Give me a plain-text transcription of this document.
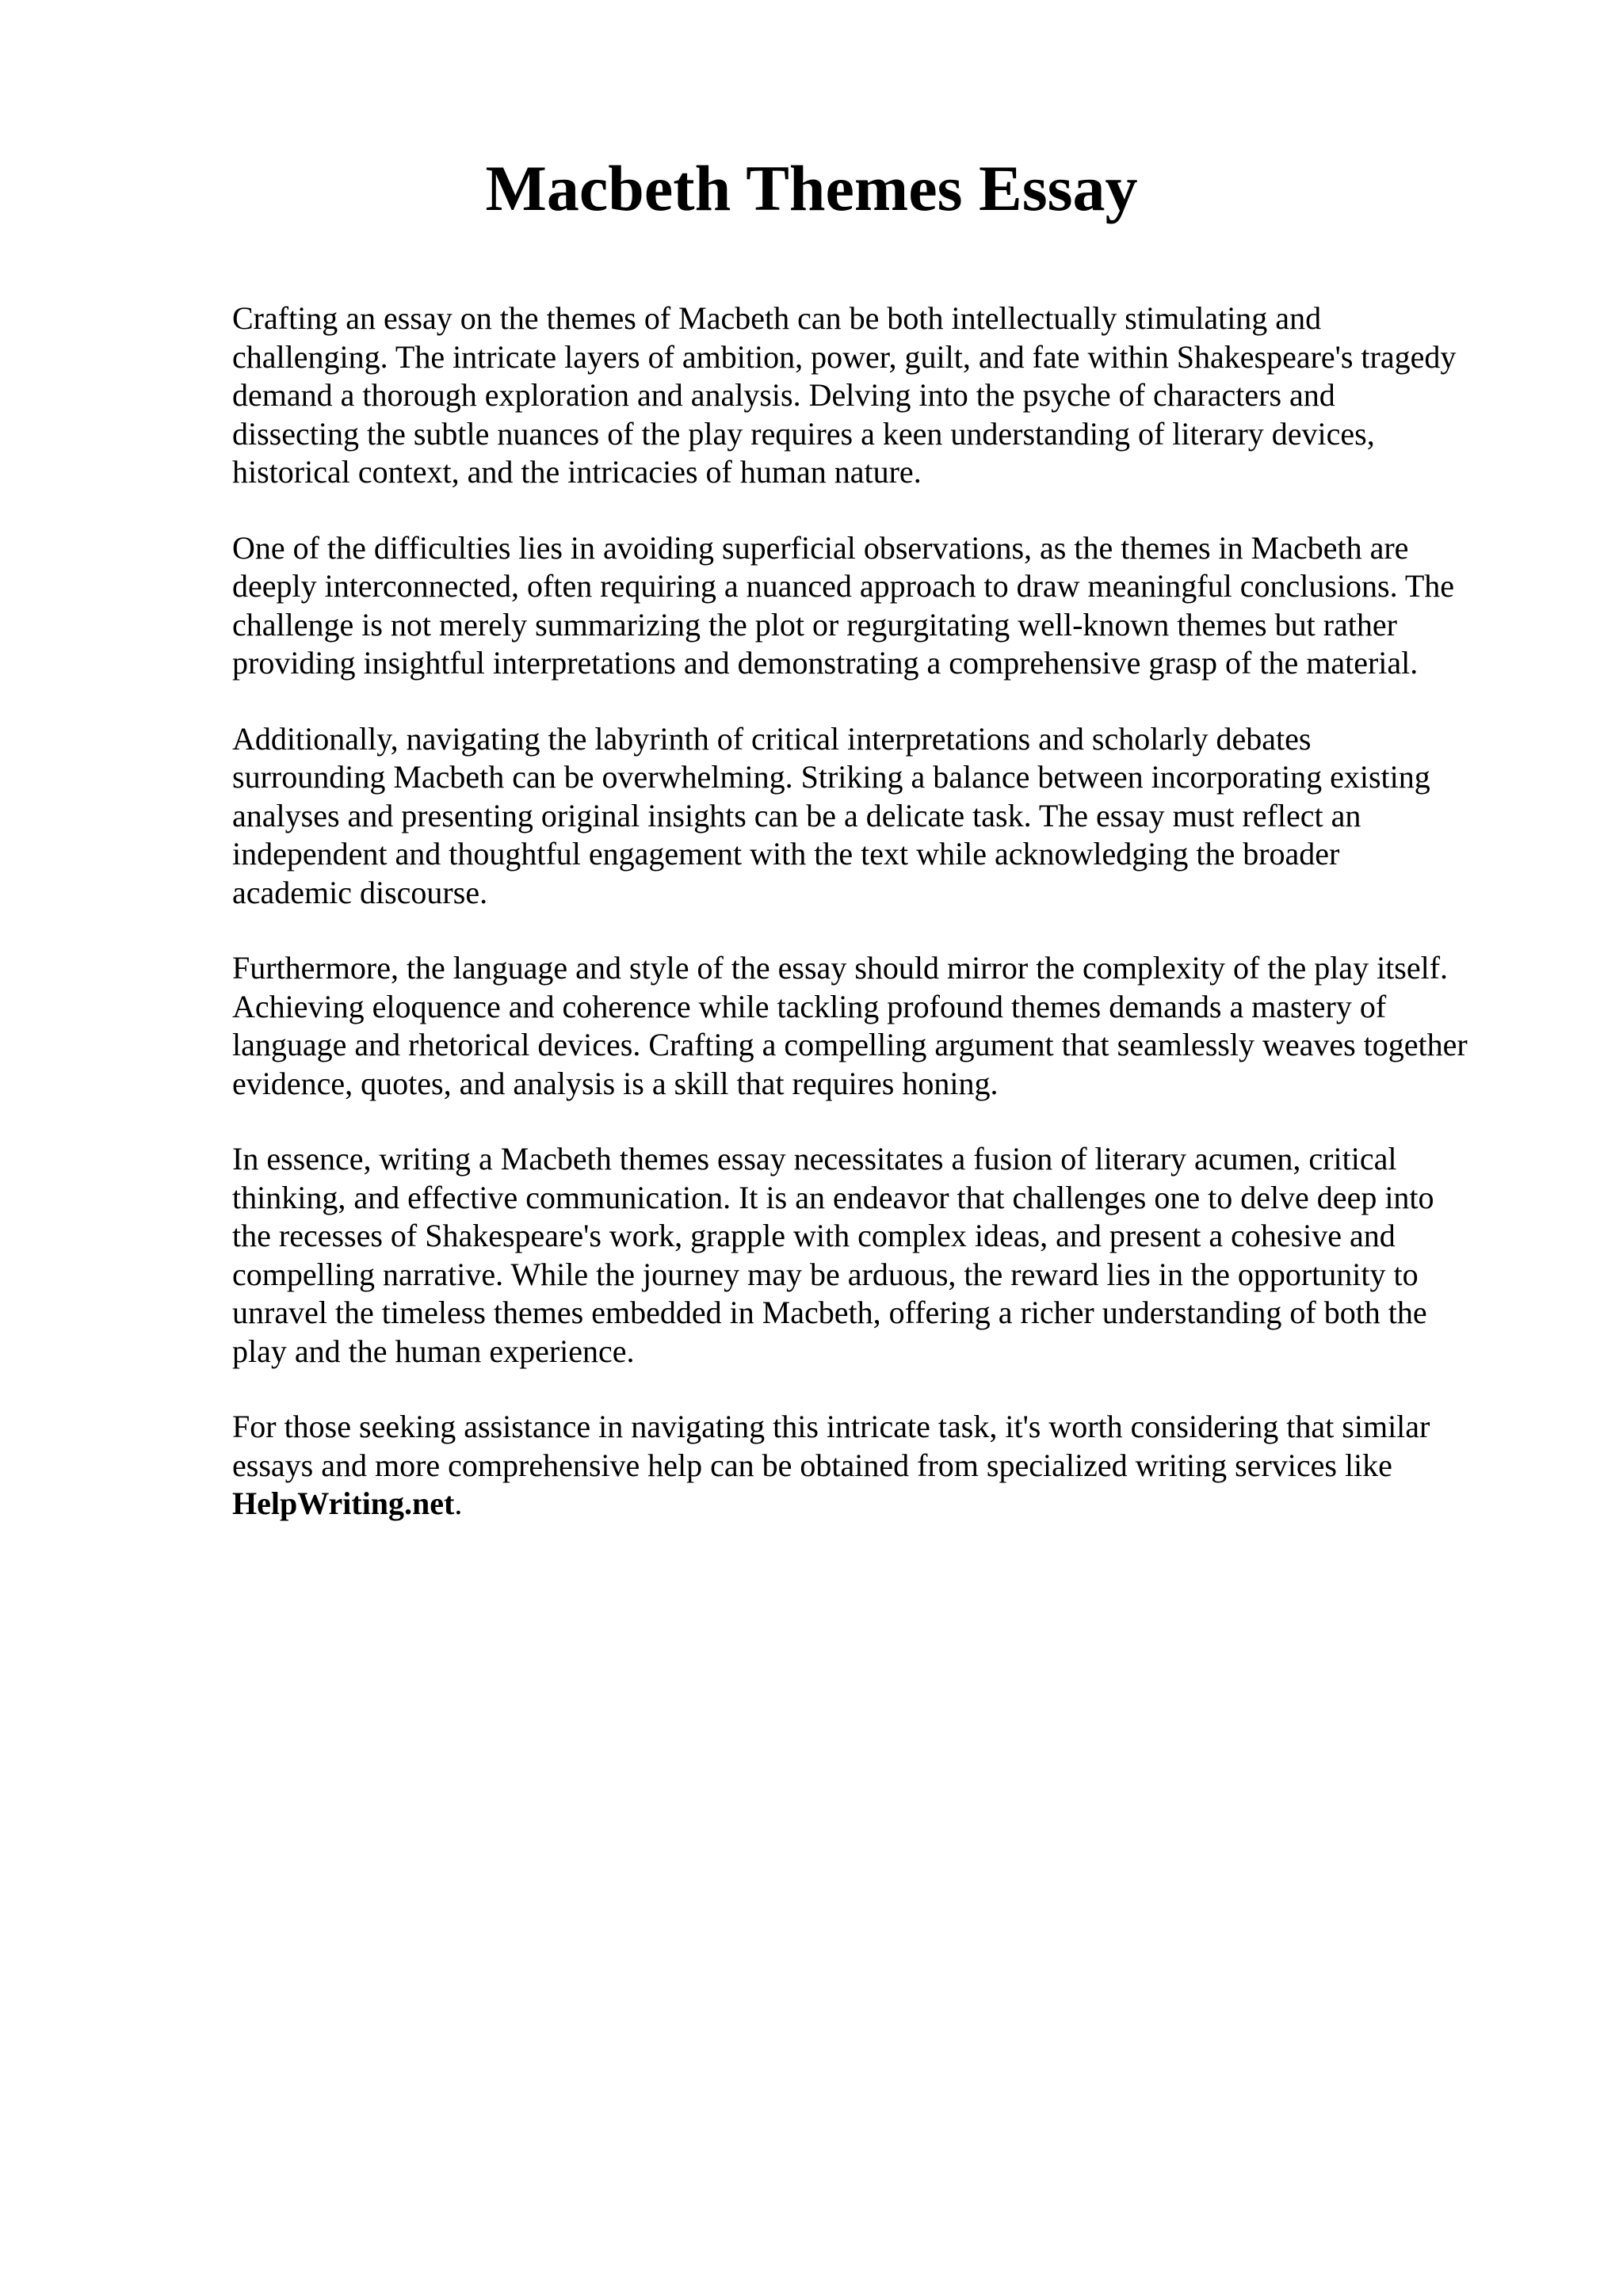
Macbeth Themes Essay

Crafting an essay on the themes of Macbeth can be both intellectually stimulating and
challenging. The intricate layers of ambition, power, guilt, and fate within Shakespeare's tragedy
demand a thorough exploration and analysis. Delving into the psyche of characters and
dissecting the subtle nuances of the play requires a keen understanding of literary devices,
historical context, and the intricacies of human nature.

One of the difficulties lies in avoiding superficial observations, as the themes in Macbeth are
deeply interconnected, often requiring a nuanced approach to draw meaningful conclusions. The
challenge is not merely summarizing the plot or regurgitating well-known themes but rather
providing insightful interpretations and demonstrating a comprehensive grasp of the material.

Additionally, navigating the labyrinth of critical interpretations and scholarly debates
surrounding Macbeth can be overwhelming. Striking a balance between incorporating existing
analyses and presenting original insights can be a delicate task. The essay must reflect an
independent and thoughtful engagement with the text while acknowledging the broader
academic discourse.

Furthermore, the language and style of the essay should mirror the complexity of the play itself.
Achieving eloquence and coherence while tackling profound themes demands a mastery of
language and rhetorical devices. Crafting a compelling argument that seamlessly weaves together
evidence, quotes, and analysis is a skill that requires honing.

In essence, writing a Macbeth themes essay necessitates a fusion of literary acumen, critical
thinking, and effective communication. It is an endeavor that challenges one to delve deep into
the recesses of Shakespeare's work, grapple with complex ideas, and present a cohesive and
compelling narrative. While the journey may be arduous, the reward lies in the opportunity to
unravel the timeless themes embedded in Macbeth, offering a richer understanding of both the
play and the human experience.

For those seeking assistance in navigating this intricate task, it's worth considering that similar
essays and more comprehensive help can be obtained from specialized writing services like
HelpWriting.net.
